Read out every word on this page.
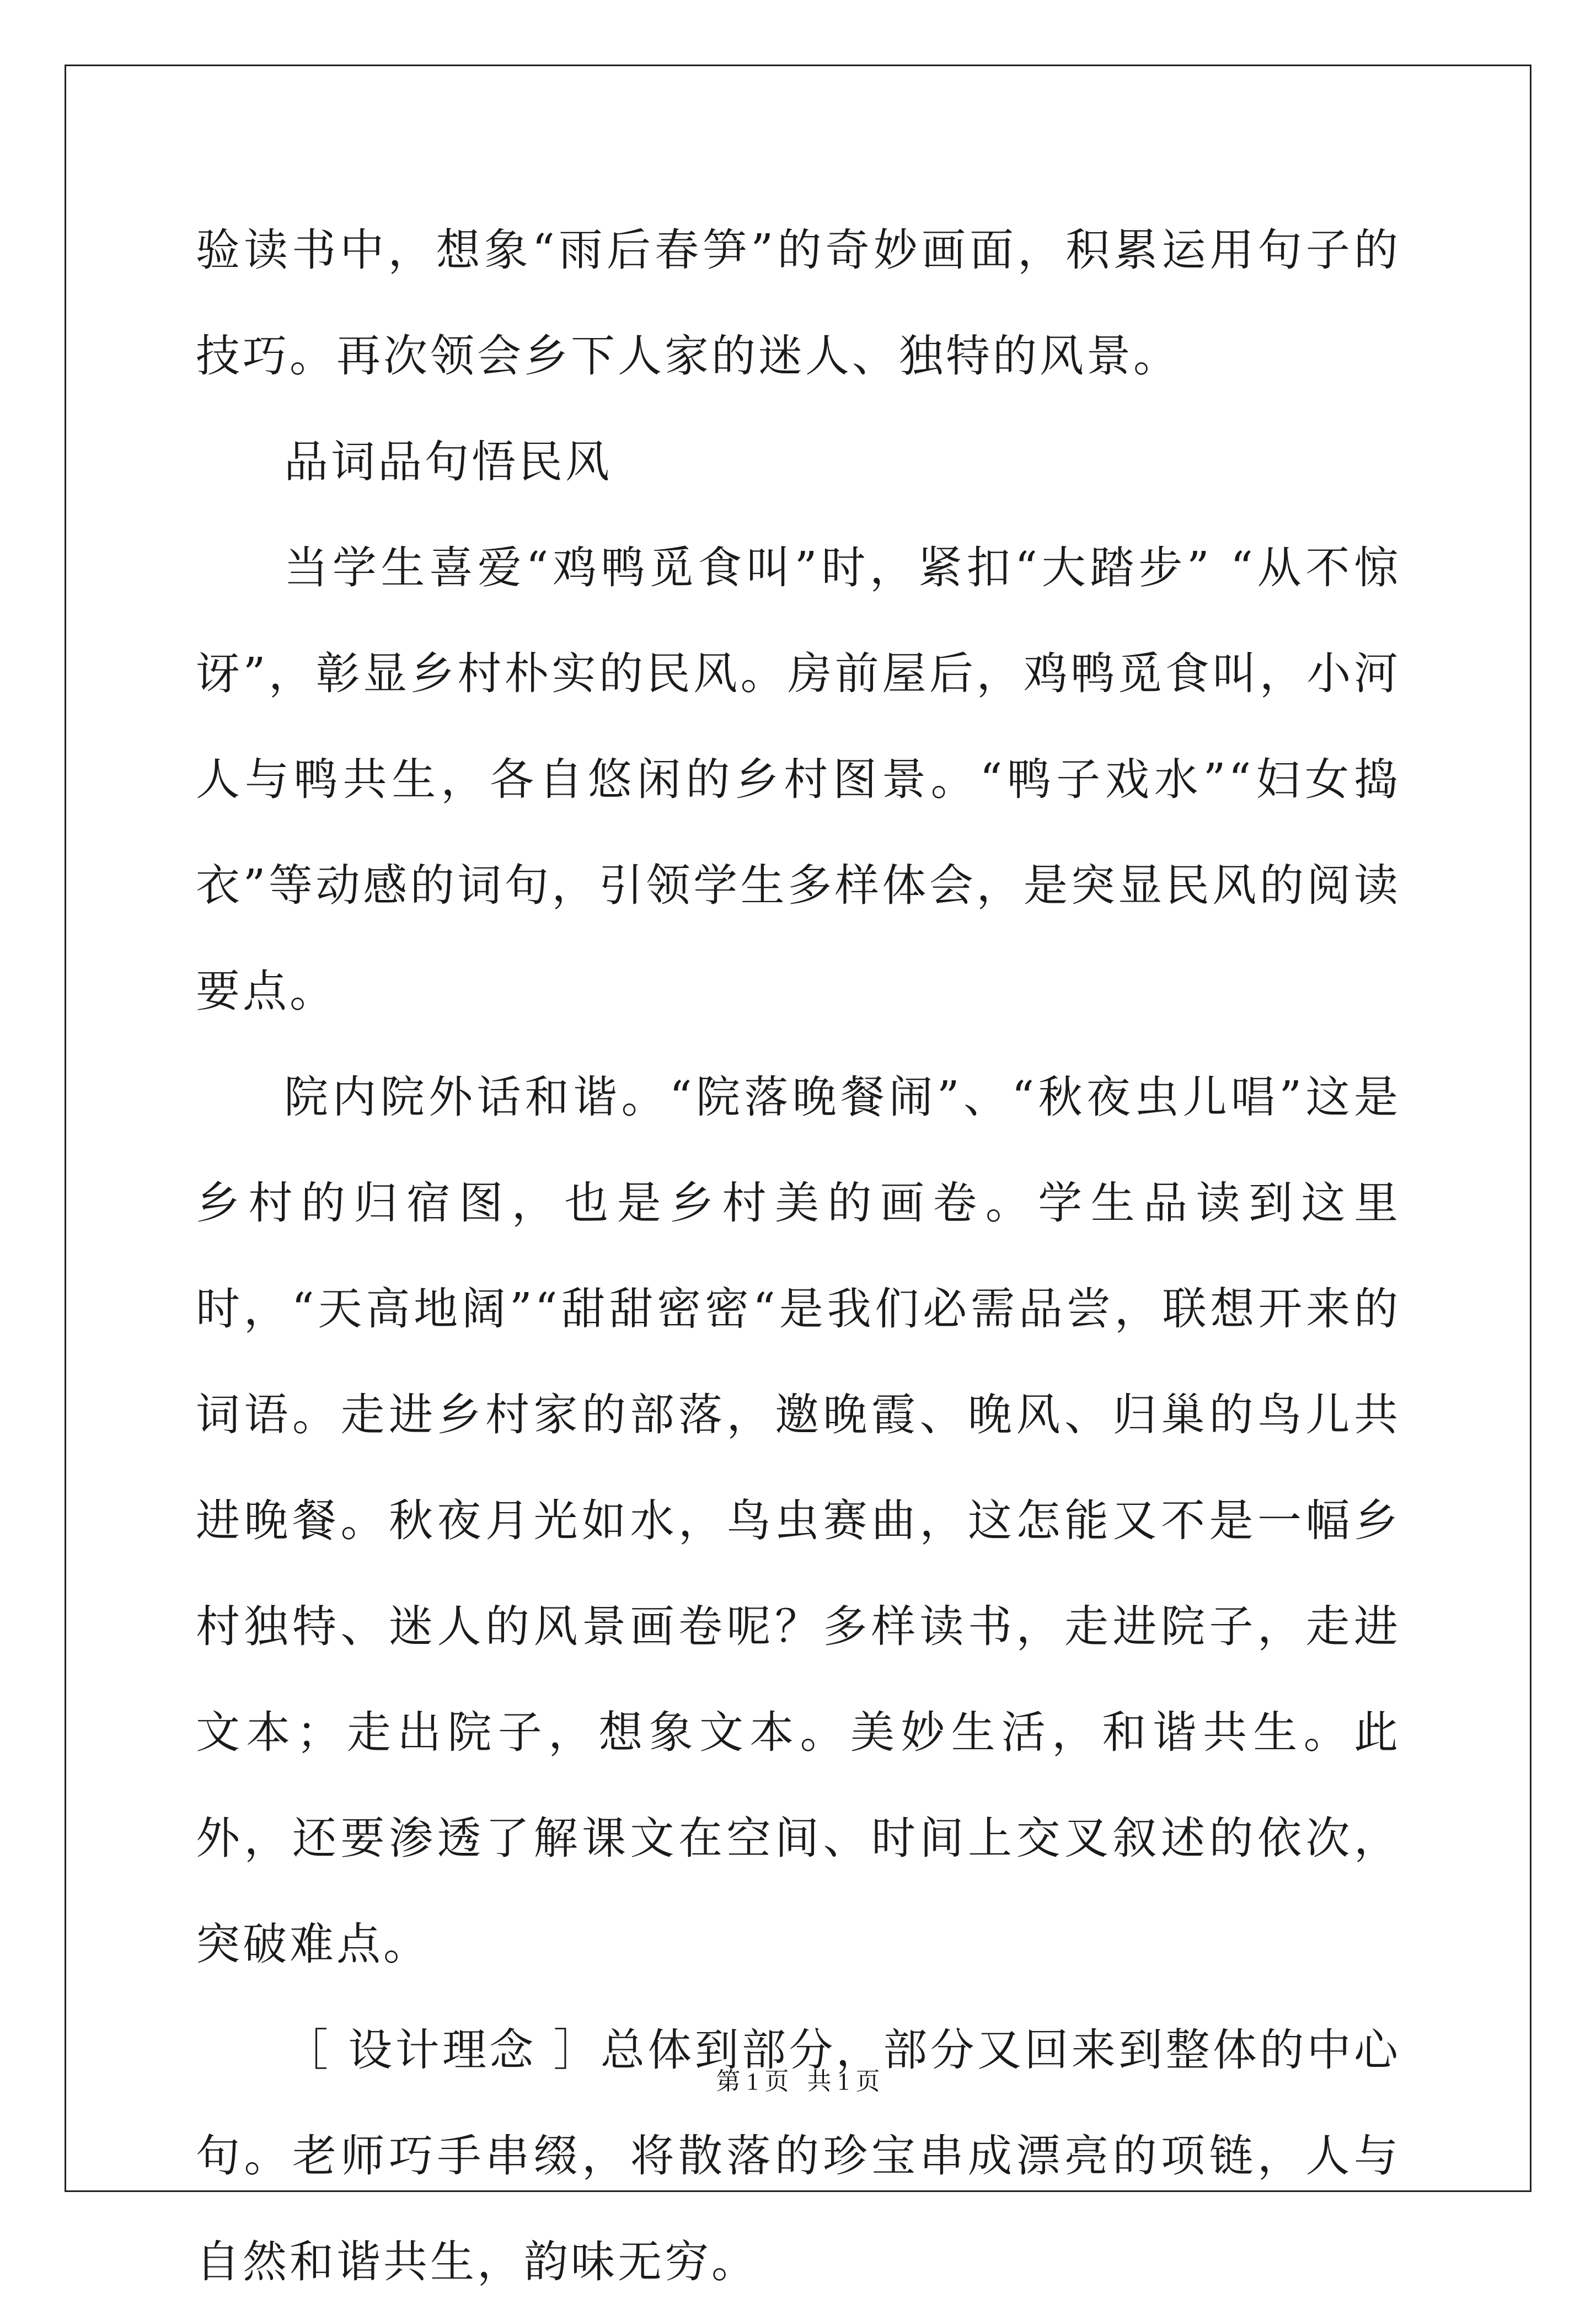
验读书中，想象“雨后春笋”的奇妙画面，积累运用句子的技巧。再次领会乡下人家的迷人、独特的风景。

品词品句悟民风

当学生喜爱“鸡鸭觅食叫”时，紧扣“大踏步” “从不惊讶”，彰显乡村朴实的民风。房前屋后，鸡鸭觅食叫，小河人与鸭共生，各自悠闲的乡村图景。“鸭子戏水”“妇女捣衣”等动感的词句，引领学生多样体会，是突显民风的阅读要点。

院内院外话和谐。“院落晚餐闹”、“秋夜虫儿唱”这是乡村的归宿图，也是乡村美的画卷。学生品读到这里时，“天高地阔”“甜甜密密“是我们必需品尝，联想开来的词语。走进乡村家的部落，邀晚霞、晚风、归巢的鸟儿共进晚餐。秋夜月光如水，鸟虫赛曲，这怎能又不是一幅乡村独特、迷人的风景画卷呢？多样读书，走进院子，走进文本；走出院子，想象文本。美妙生活，和谐共生。此外，还要渗透了解课文在空间、时间上交叉叙述的依次，突破难点。

［ 设计理念 ］总体到部分，部分又回来到整体的中心句。老师巧手串缀，将散落的珍宝串成漂亮的项链，人与自然和谐共生，韵味无穷。

第 1 页   共 1 页
